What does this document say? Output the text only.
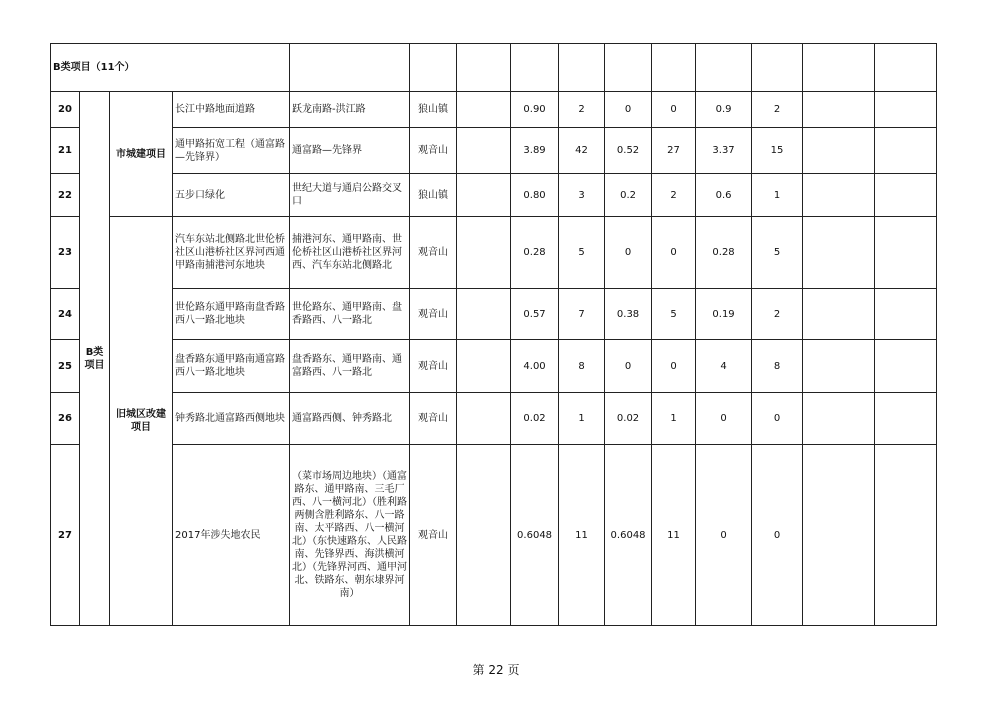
B类项目（11个）														
20	B类项目	市城建项目	长江中路地面道路	跃龙南路-洪江路	狼山镇		0.90	2	0	0	0.9	2		
21			通甲路拓宽工程（通富路—先锋界）	通富路—先锋界	观音山		3.89	42	0.52	27	3.37	15		
22			五步口绿化	世纪大道与通启公路交叉口	狼山镇		0.80	3	0.2	2	0.6	1		
23		旧城区改建项目	汽车东站北侧路北世伦桥社区山港桥社区界河西通甲路南捕港河东地块	捕港河东、通甲路南、世伦桥社区山港桥社区界河西、汽车东站北侧路北	观音山		0.28	5	0	0	0.28	5		
24			世伦路东通甲路南盘香路西八一路北地块	世伦路东、通甲路南、盘香路西、八一路北	观音山		0.57	7	0.38	5	0.19	2		
25			盘香路东通甲路南通富路西八一路北地块	盘香路东、通甲路南、通富路西、八一路北	观音山		4.00	8	0	0	4	8		
26			钟秀路北通富路西侧地块	通富路西侧、钟秀路北	观音山		0.02	1	0.02	1	0	0		
27			2017年涉失地农民	（菜市场周边地块）（通富路东、通甲路南、三毛厂西、八一横河北）（胜利路两侧含胜利路东、八一路南、太平路西、八一横河北）（东快速路东、人民路南、先锋界西、海洪横河北）（先锋界河西、通甲河北、铁路东、朝东埭界河南）	观音山		0.6048	11	0.6048	11	0	0		
第 22 页
